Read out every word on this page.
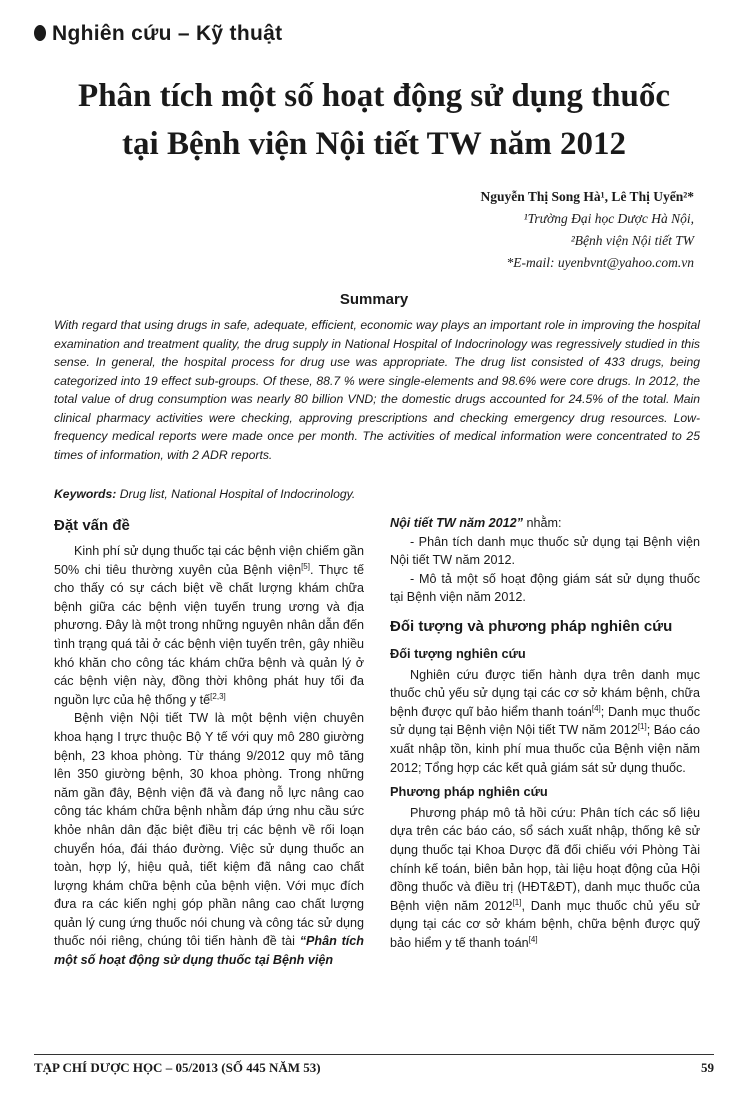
Nghiên cứu – Kỹ thuật
Phân tích một số hoạt động sử dụng thuốc
tại Bệnh viện Nội tiết TW năm 2012
Nguyễn Thị Song Hà¹, Lê Thị Uyển²*
¹Trường Đại học Dược Hà Nội,
²Bệnh viện Nội tiết TW
*E-mail: uyenbvnt@yahoo.com.vn
Summary
With regard that using drugs in safe, adequate, efficient, economic way plays an important role in improving the hospital examination and treatment quality, the drug supply in National Hospital of Indocrinology was regressively studied in this sense. In general, the hospital process for drug use was appropriate. The drug list consisted of 433 drugs, being categorized into 19 effect sub-groups. Of these, 88.7 % were single-elements and 98.6% were core drugs. In 2012, the total value of drug consumption was nearly 80 billion VND; the domestic drugs accounted for 24.5% of the total. Main clinical pharmacy activities were checking, approving prescriptions and checking emergency drug resources. Low-frequency medical reports were made once per month. The activities of medical information were concentrated to 25 times of information, with 2 ADR reports.
Keywords: Drug list, National Hospital of Indocrinology.
Đặt vấn đề

Kinh phí sử dụng thuốc tại các bệnh viện chiếm gần 50% chi tiêu thường xuyên của Bệnh viện[5]. Thực tế cho thấy có sự cách biệt về chất lượng khám chữa bệnh giữa các bệnh viện tuyến trung ương và địa phương. Đây là một trong những nguyên nhân dẫn đến tình trạng quá tải ở các bệnh viện tuyến trên, gây nhiều khó khăn cho công tác khám chữa bệnh và quản lý ở các bệnh viện này, đồng thời không phát huy tối đa nguồn lực của hệ thống y tế[2,3]

Bệnh viện Nội tiết TW là một bệnh viện chuyên khoa hạng I trực thuộc Bộ Y tế với quy mô 280 giường bệnh, 23 khoa phòng. Từ tháng 9/2012 quy mô tăng lên 350 giường bệnh, 30 khoa phòng. Trong những năm gần đây, Bệnh viện đã và đang nỗ lực nâng cao công tác khám chữa bệnh nhằm đáp ứng nhu cầu sức khỏe nhân dân đặc biệt điều trị các bệnh về rối loạn chuyển hóa, đái tháo đường. Việc sử dụng thuốc an toàn, hợp lý, hiệu quả, tiết kiệm đã nâng cao chất lượng khám chữa bệnh của bệnh viện. Với mục đích đưa ra các kiến nghị góp phần nâng cao chất lượng quản lý cung ứng thuốc nói chung và công tác sử dụng thuốc nói riêng, chúng tôi tiến hành đề tài “Phân tích một số hoạt động sử dụng thuốc tại Bệnh viện

Nội tiết TW năm 2012” nhằm:

- Phân tích danh mục thuốc sử dụng tại Bệnh viện Nội tiết TW năm 2012.

- Mô tả một số hoạt động giám sát sử dụng thuốc tại Bệnh viện năm 2012.

Đối tượng và phương pháp nghiên cứu
Đối tượng nghiên cứu

Nghiên cứu được tiến hành dựa trên danh mục thuốc chủ yếu sử dụng tại các cơ sở khám bệnh, chữa bệnh được quĩ bảo hiểm thanh toán[4]; Danh mục thuốc sử dụng tại Bệnh viện Nội tiết TW năm 2012[1]; Báo cáo xuất nhập tồn, kinh phí mua thuốc của Bệnh viện năm 2012; Tổng hợp các kết quả giám sát sử dụng thuốc.

Phương pháp nghiên cứu

Phương pháp mô tả hồi cứu: Phân tích các số liệu dựa trên các báo cáo, sổ sách xuất nhập, thống kê sử dụng thuốc tại Khoa Dược đã đối chiếu với Phòng Tài chính kế toán, biên bản họp, tài liệu hoạt động của Hội đồng thuốc và điều trị (HĐT&ĐT), danh mục thuốc của Bệnh viện năm 2012[1], Danh mục thuốc chủ yếu sử dụng tại các cơ sở khám bệnh, chữa bệnh được quỹ bảo hiểm y tế thanh toán[4]

TẠP CHÍ DƯỢC HỌC – 05/2013 (SỐ 445 NĂM 53)	59
